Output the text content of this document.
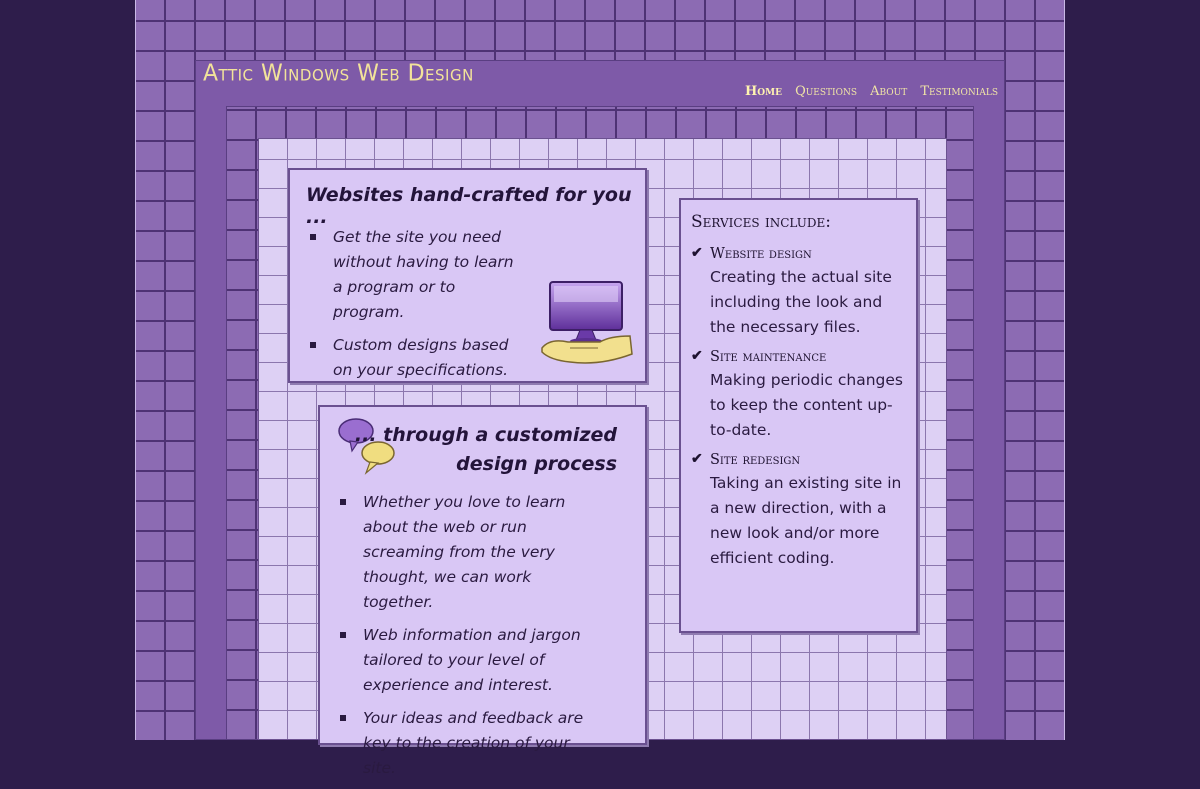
Attic Windows Web Design
Home Questions About Testimonials
Websites hand-crafted for you ...
Get the site you need without having to learn a program or to program.
Custom designs based on your specifications.
... through a customized
design process
Whether you love to learn about the web or run screaming from the very thought, we can work together.
Web information and jargon tailored to your level of experience and interest.
Your ideas and feedback are key to the creation of your site.
Services include:
✔ Website design
Creating the actual site including the look and the necessary files.
✔ Site maintenance
Making periodic changes to keep the content up-to-date.
✔ Site redesign
Taking an existing site in a new direction, with a new look and/or more efficient coding.
